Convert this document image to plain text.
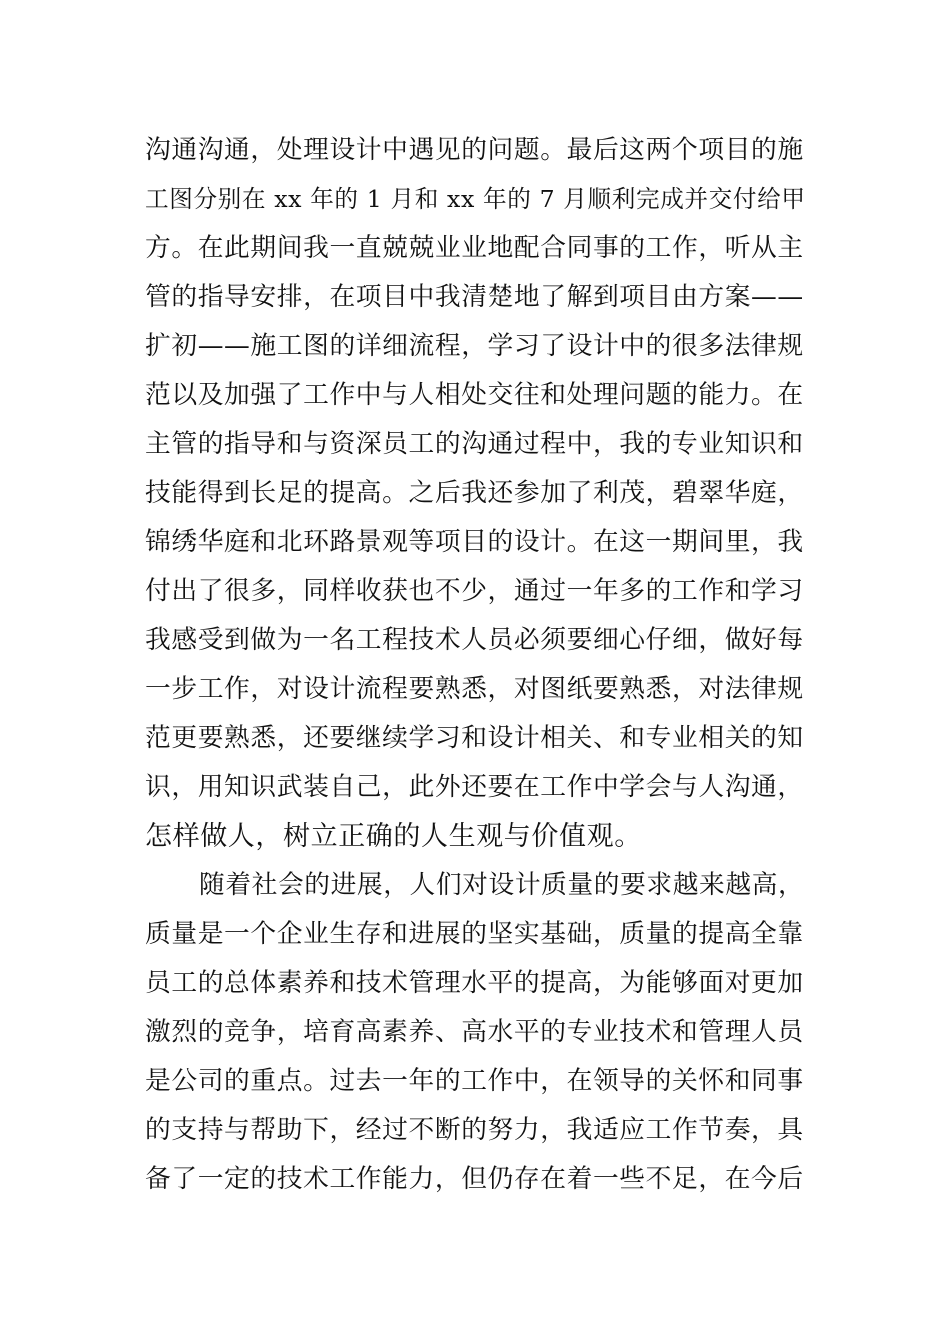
沟通沟通，处理设计中遇见的问题。最后这两个项目的施
工图分别在 xx 年的 1 月和 xx 年的 7 月顺利完成并交付给甲
方。在此期间我一直兢兢业业地配合同事的工作，听从主
管的指导安排，在项目中我清楚地了解到项目由方案——
扩初——施工图的详细流程，学习了设计中的很多法律规
范以及加强了工作中与人相处交往和处理问题的能力。在
主管的指导和与资深员工的沟通过程中，我的专业知识和
技能得到长足的提高。之后我还参加了利茂，碧翠华庭，
锦绣华庭和北环路景观等项目的设计。在这一期间里，我
付出了很多，同样收获也不少，通过一年多的工作和学习
我感受到做为一名工程技术人员必须要细心仔细，做好每
一步工作，对设计流程要熟悉，对图纸要熟悉，对法律规
范更要熟悉，还要继续学习和设计相关、和专业相关的知
识，用知识武装自己，此外还要在工作中学会与人沟通，
怎样做人，树立正确的人生观与价值观。
随着社会的进展，人们对设计质量的要求越来越高，
质量是一个企业生存和进展的坚实基础，质量的提高全靠
员工的总体素养和技术管理水平的提高，为能够面对更加
激烈的竞争，培育高素养、高水平的专业技术和管理人员
是公司的重点。过去一年的工作中，在领导的关怀和同事
的支持与帮助下，经过不断的努力，我适应工作节奏，具
备了一定的技术工作能力，但仍存在着一些不足，在今后
